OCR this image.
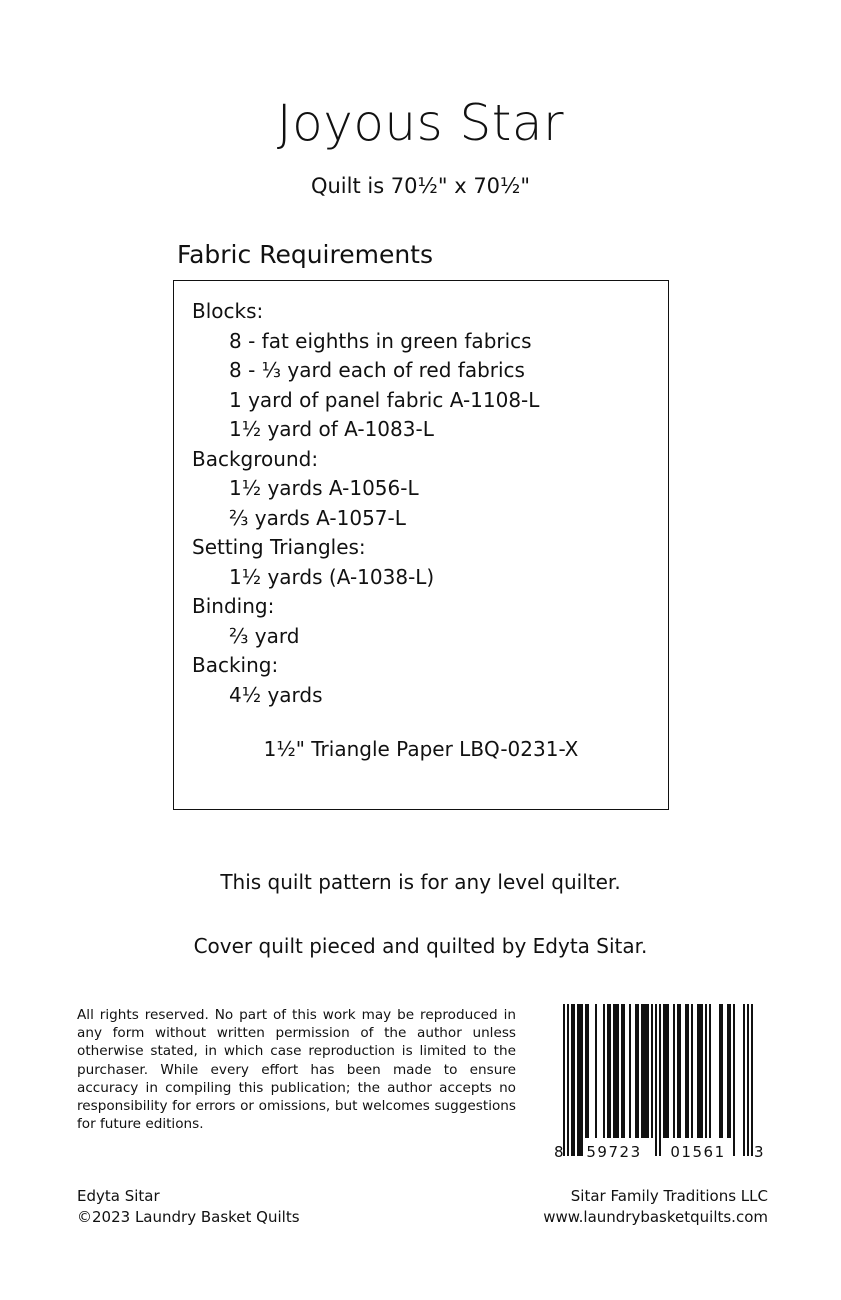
Joyous Star
Quilt is 70½" x 70½"
Fabric Requirements
Blocks:
8 - fat eighths in green fabrics
8 - ⅓ yard each of red fabrics
1 yard of panel fabric A-1108-L
1½ yard of A-1083-L
Background:
1½ yards A-1056-L
⅔ yards A-1057-L
Setting Triangles:
1½ yards (A-1038-L)
Binding:
⅔ yard
Backing:
4½ yards
1½" Triangle Paper LBQ-0231-X
This quilt pattern is for any level quilter.
Cover quilt pieced and quilted by Edyta Sitar.
All rights reserved. No part of this work may be reproduced in any form without written permission of the author unless otherwise stated, in which case reproduction is limited to the purchaser. While every effort has been made to ensure accuracy in compiling this publication; the author accepts no responsibility for errors or omissions, but welcomes suggestions for future editions.
8 59723 01561 3
Edyta Sitar
©2023 Laundry Basket Quilts
Sitar Family Traditions LLC
www.laundrybasketquilts.com
